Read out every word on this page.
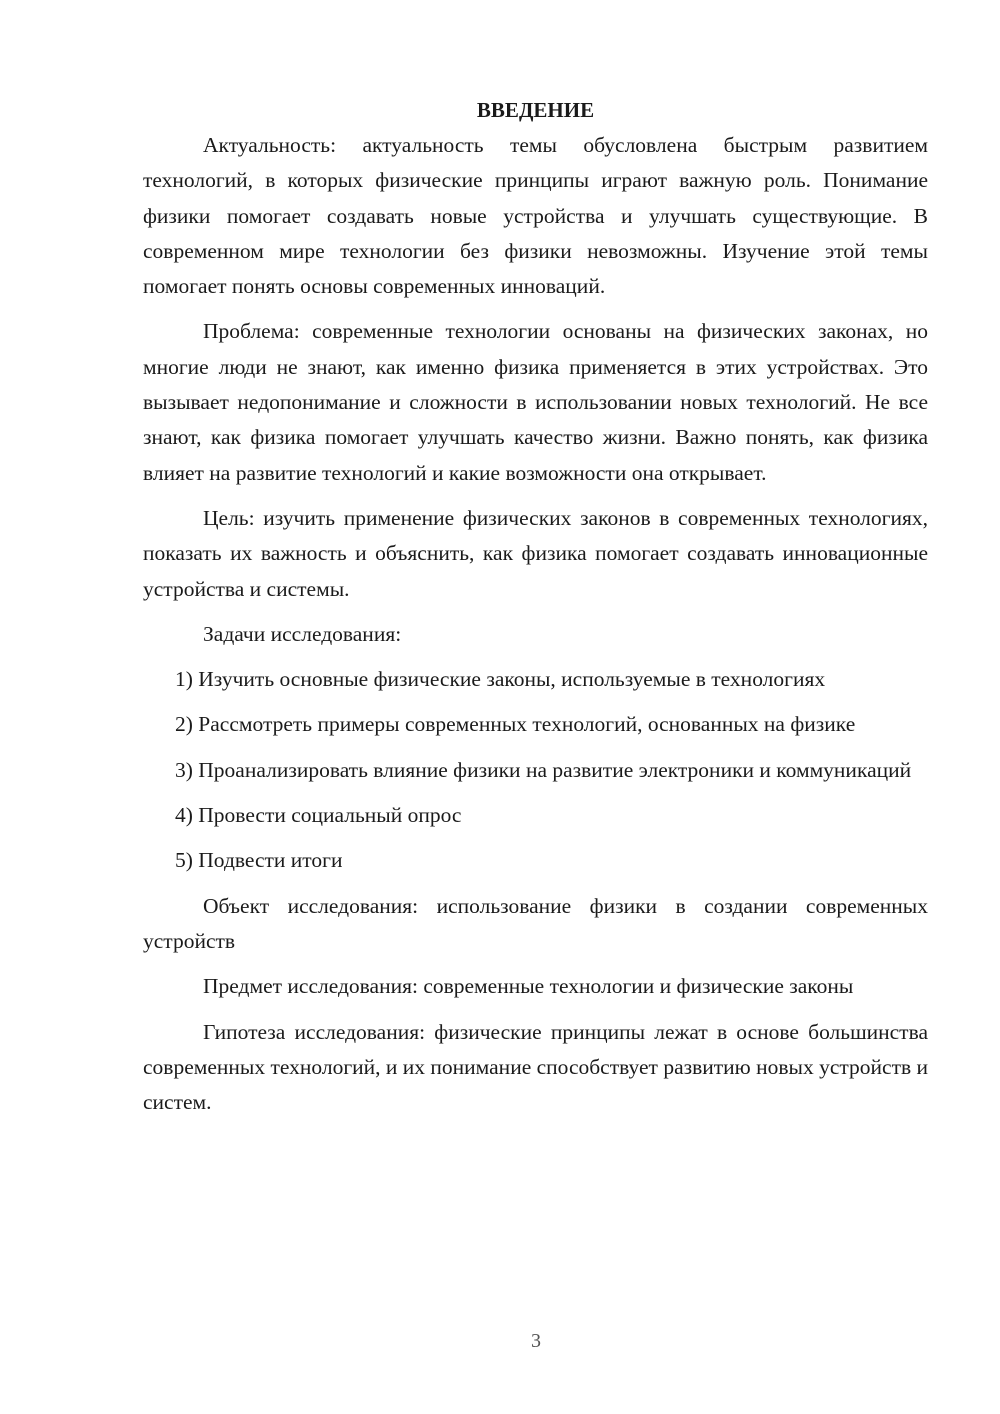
ВВЕДЕНИЕ

Актуальность: актуальность темы обусловлена быстрым развитием технологий, в которых физические принципы играют важную роль. Понимание физики помогает создавать новые устройства и улучшать существующие. В современном мире технологии без физики невозможны. Изучение этой темы помогает понять основы современных инноваций.

Проблема: современные технологии основаны на физических законах, но многие люди не знают, как именно физика применяется в этих устройствах. Это вызывает недопонимание и сложности в использовании новых технологий. Не все знают, как физика помогает улучшать качество жизни. Важно понять, как физика влияет на развитие технологий и какие возможности она открывает.

Цель: изучить применение физических законов в современных технологиях, показать их важность и объяснить, как физика помогает создавать инновационные устройства и системы.

Задачи исследования:

1) Изучить основные физические законы, используемые в технологиях

2) Рассмотреть примеры современных технологий, основанных на физике

3) Проанализировать влияние физики на развитие электроники и коммуникаций

4) Провести социальный опрос

5) Подвести итоги

Объект исследования: использование физики в создании современных устройств

Предмет исследования: современные технологии и физические законы

Гипотеза исследования: физические принципы лежат в основе большинства современных технологий, и их понимание способствует развитию новых устройств и систем.

3
